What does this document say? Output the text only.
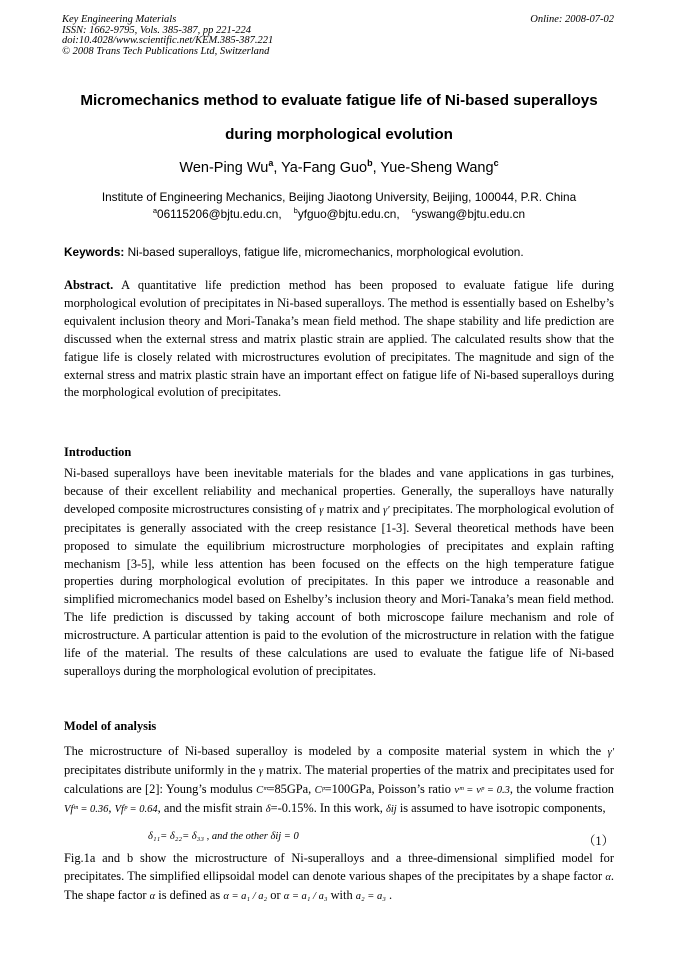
Key Engineering Materials
ISSN: 1662-9795, Vols. 385-387, pp 221-224
doi:10.4028/www.scientific.net/KEM.385-387.221
© 2008 Trans Tech Publications Ltd, Switzerland
Online: 2008-07-02
Micromechanics method to evaluate fatigue life of Ni-based superalloys
during morphological evolution
Wen-Ping Wu$^a$, Ya-Fang Guo$^b$, Yue-Sheng Wang$^c$
Institute of Engineering Mechanics, Beijing Jiaotong University, Beijing, 100044, P.R. China
$^a$06115206@bjtu.edu.cn, $^b$yfguo@bjtu.edu.cn, $^c$yswang@bjtu.edu.cn
Keywords: Ni-based superalloys, fatigue life, micromechanics, morphological evolution.
Abstract. A quantitative life prediction method has been proposed to evaluate fatigue life during morphological evolution of precipitates in Ni-based superalloys. The method is essentially based on Eshelby’s equivalent inclusion theory and Mori-Tanaka’s mean field method. The shape stability and life prediction are discussed when the external stress and matrix plastic strain are applied. The calculated results show that the fatigue life is closely related with microstructures evolution of precipitates. The magnitude and sign of the external stress and matrix plastic strain have an important effect on fatigue life of Ni-based superalloys during the morphological evolution of precipitates.
Introduction
Ni-based superalloys have been inevitable materials for the blades and vane applications in gas turbines, because of their excellent reliability and mechanical properties. Generally, the superalloys have naturally developed composite microstructures consisting of γ matrix and γ′ precipitates. The morphological evolution of precipitates is generally associated with the creep resistance [1-3]. Several theoretical methods have been proposed to simulate the equilibrium microstructure morphologies of precipitates and explain rafting mechanism [3-5], while less attention has been focused on the effects on the high temperature fatigue properties during morphological evolution of precipitates. In this paper we introduce a reasonable and simplified micromechanics model based on Eshelby’s inclusion theory and Mori-Tanaka’s mean field method. The life prediction is discussed by taking account of both microscope failure mechanism and role of microstructure. A particular attention is paid to the evolution of the microstructure in relation with the fatigue life of the material. The results of these calculations are used to evaluate the fatigue life of Ni-based superalloys during the morphological evolution of precipitates.
Model of analysis
The microstructure of Ni-based superalloy is modeled by a composite material system in which the γ′ precipitates distribute uniformly in the γ matrix. The material properties of the matrix and precipitates used for calculations are [2]: Young’s modulus Cᵐ=85GPa, Cᵖ=100GPa, Poisson’s ratio νᵐ = νᵖ = 0.3, the volume fraction Vfᵐ = 0.36, Vfᵖ = 0.64, and the misfit strain δ=-0.15%. In this work, δij is assumed to have isotropic components,
δ₁₁= δ₂₂= δ₃₃ , and the other δij = 0	（1）
Fig.1a and b show the microstructure of Ni-superalloys and a three-dimensional simplified model for precipitates. The simplified ellipsoidal model can denote various shapes of the precipitates by a shape factor α. The shape factor α is defined as α = a₁ / a₂ or α = a₁ / a₃ with a₂ = a₃ .
